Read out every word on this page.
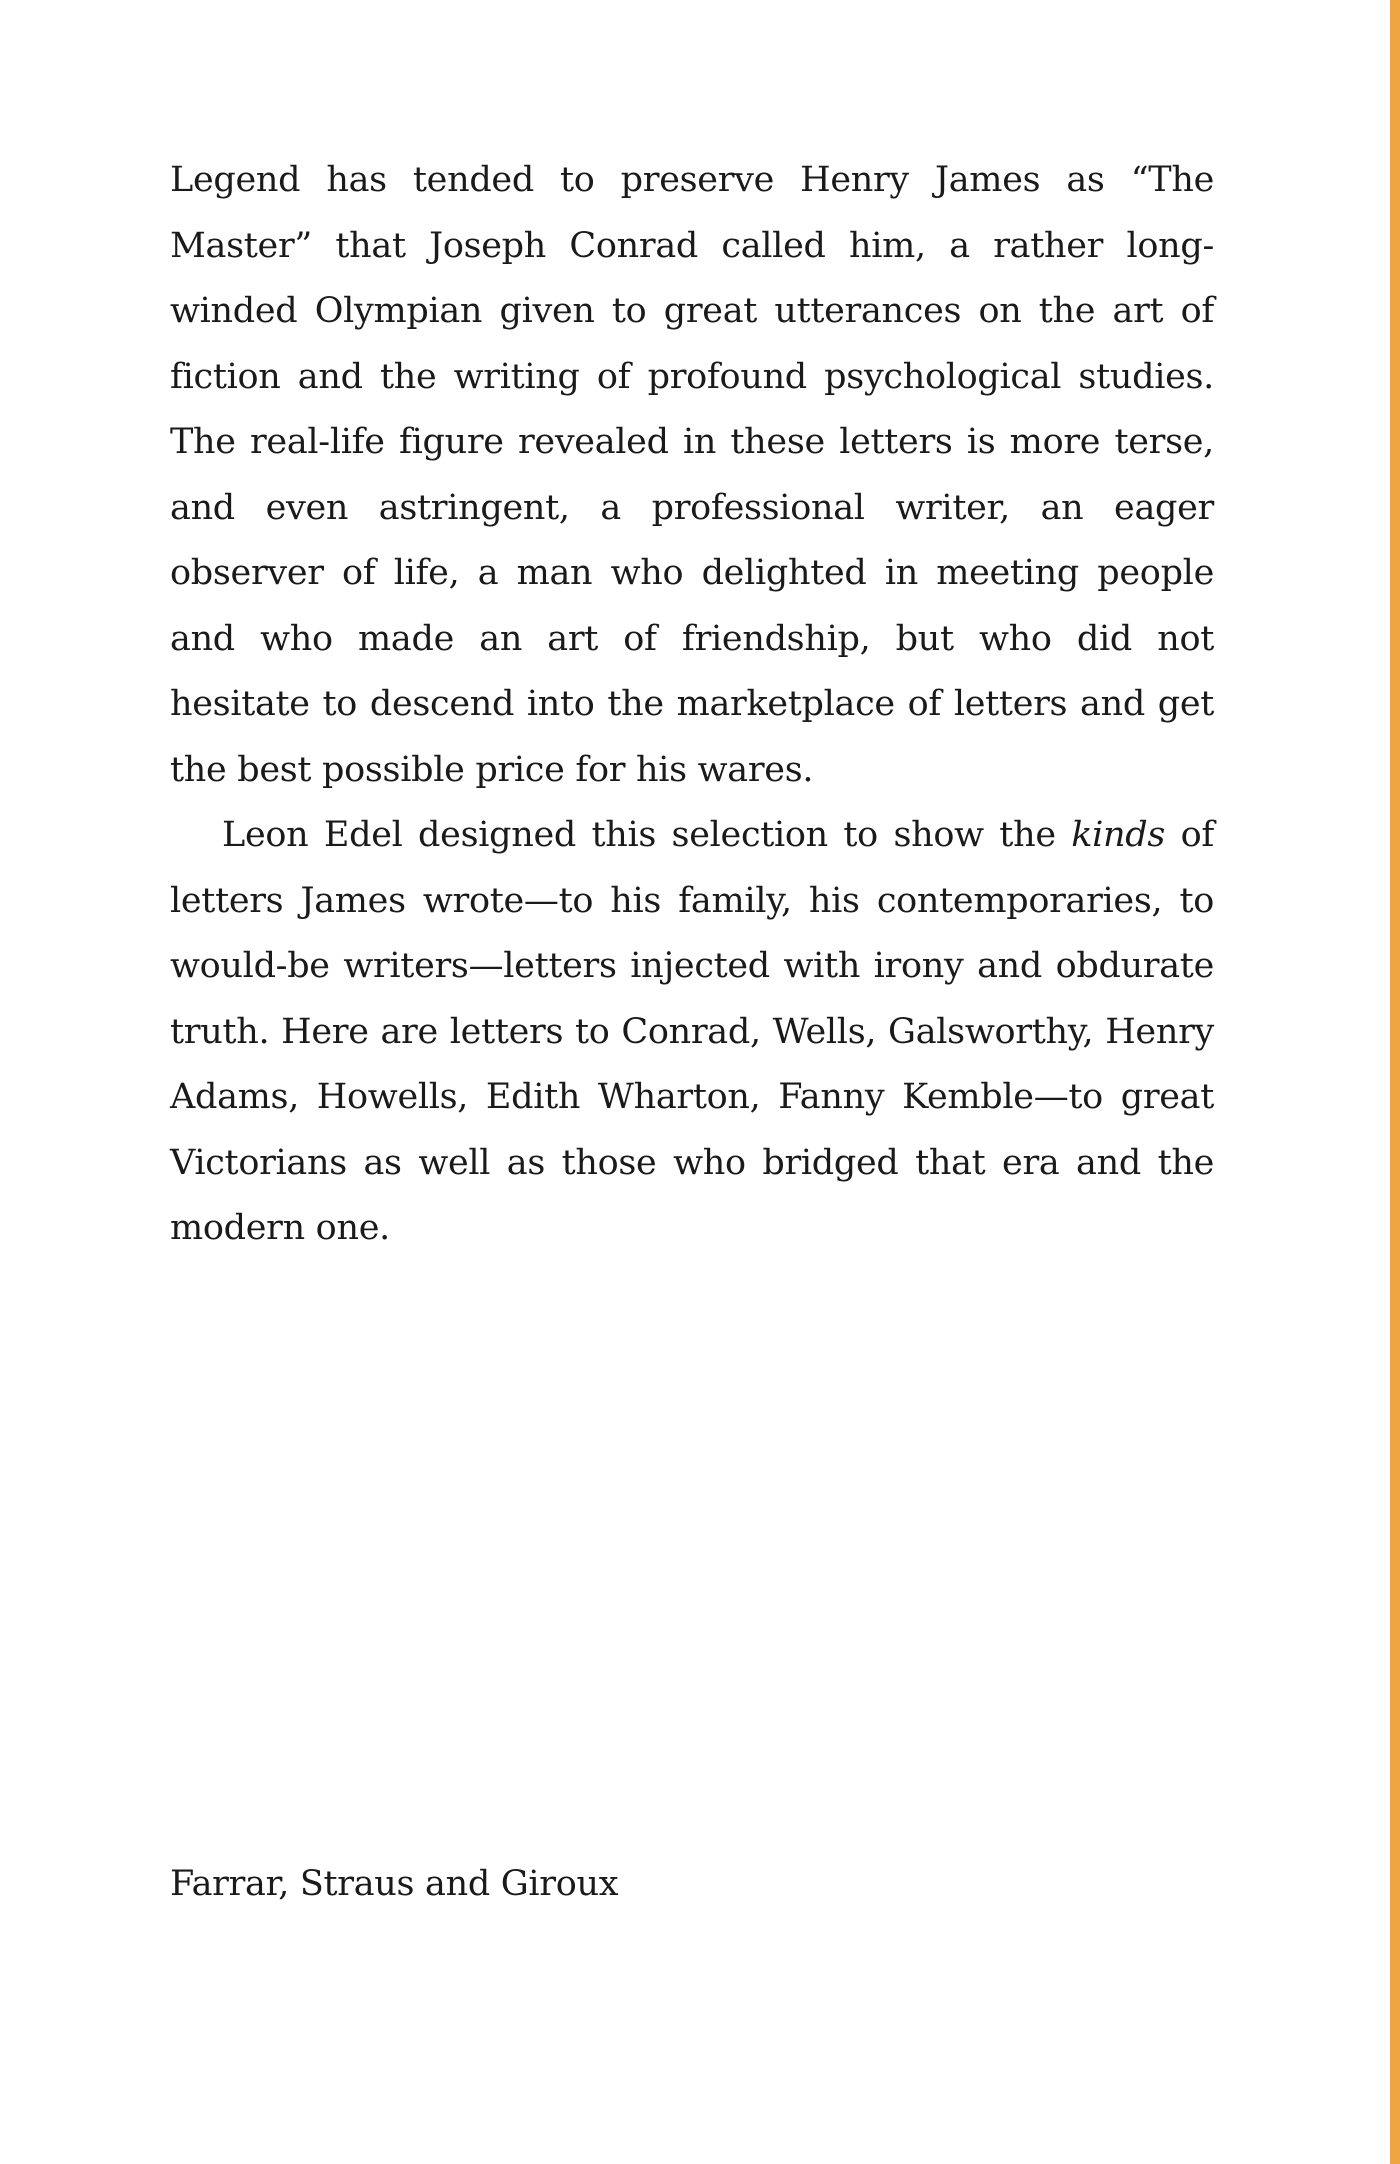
Legend has tended to preserve Henry James as “The Master” that Joseph Conrad called him, a rather long-winded Olympian given to great utterances on the art of fiction and the writing of profound psychological studies. The real-life figure revealed in these letters is more terse, and even astringent, a professional writer, an eager observer of life, a man who delighted in meeting people and who made an art of friendship, but who did not hesitate to descend into the marketplace of letters and get the best possible price for his wares.

Leon Edel designed this selection to show the kinds of letters James wrote—to his family, his contemporaries, to would-be writers—letters injected with irony and obdurate truth. Here are letters to Conrad, Wells, Galsworthy, Henry Adams, Howells, Edith Wharton, Fanny Kemble—to great Victorians as well as those who bridged that era and the modern one.

Farrar, Straus and Giroux
